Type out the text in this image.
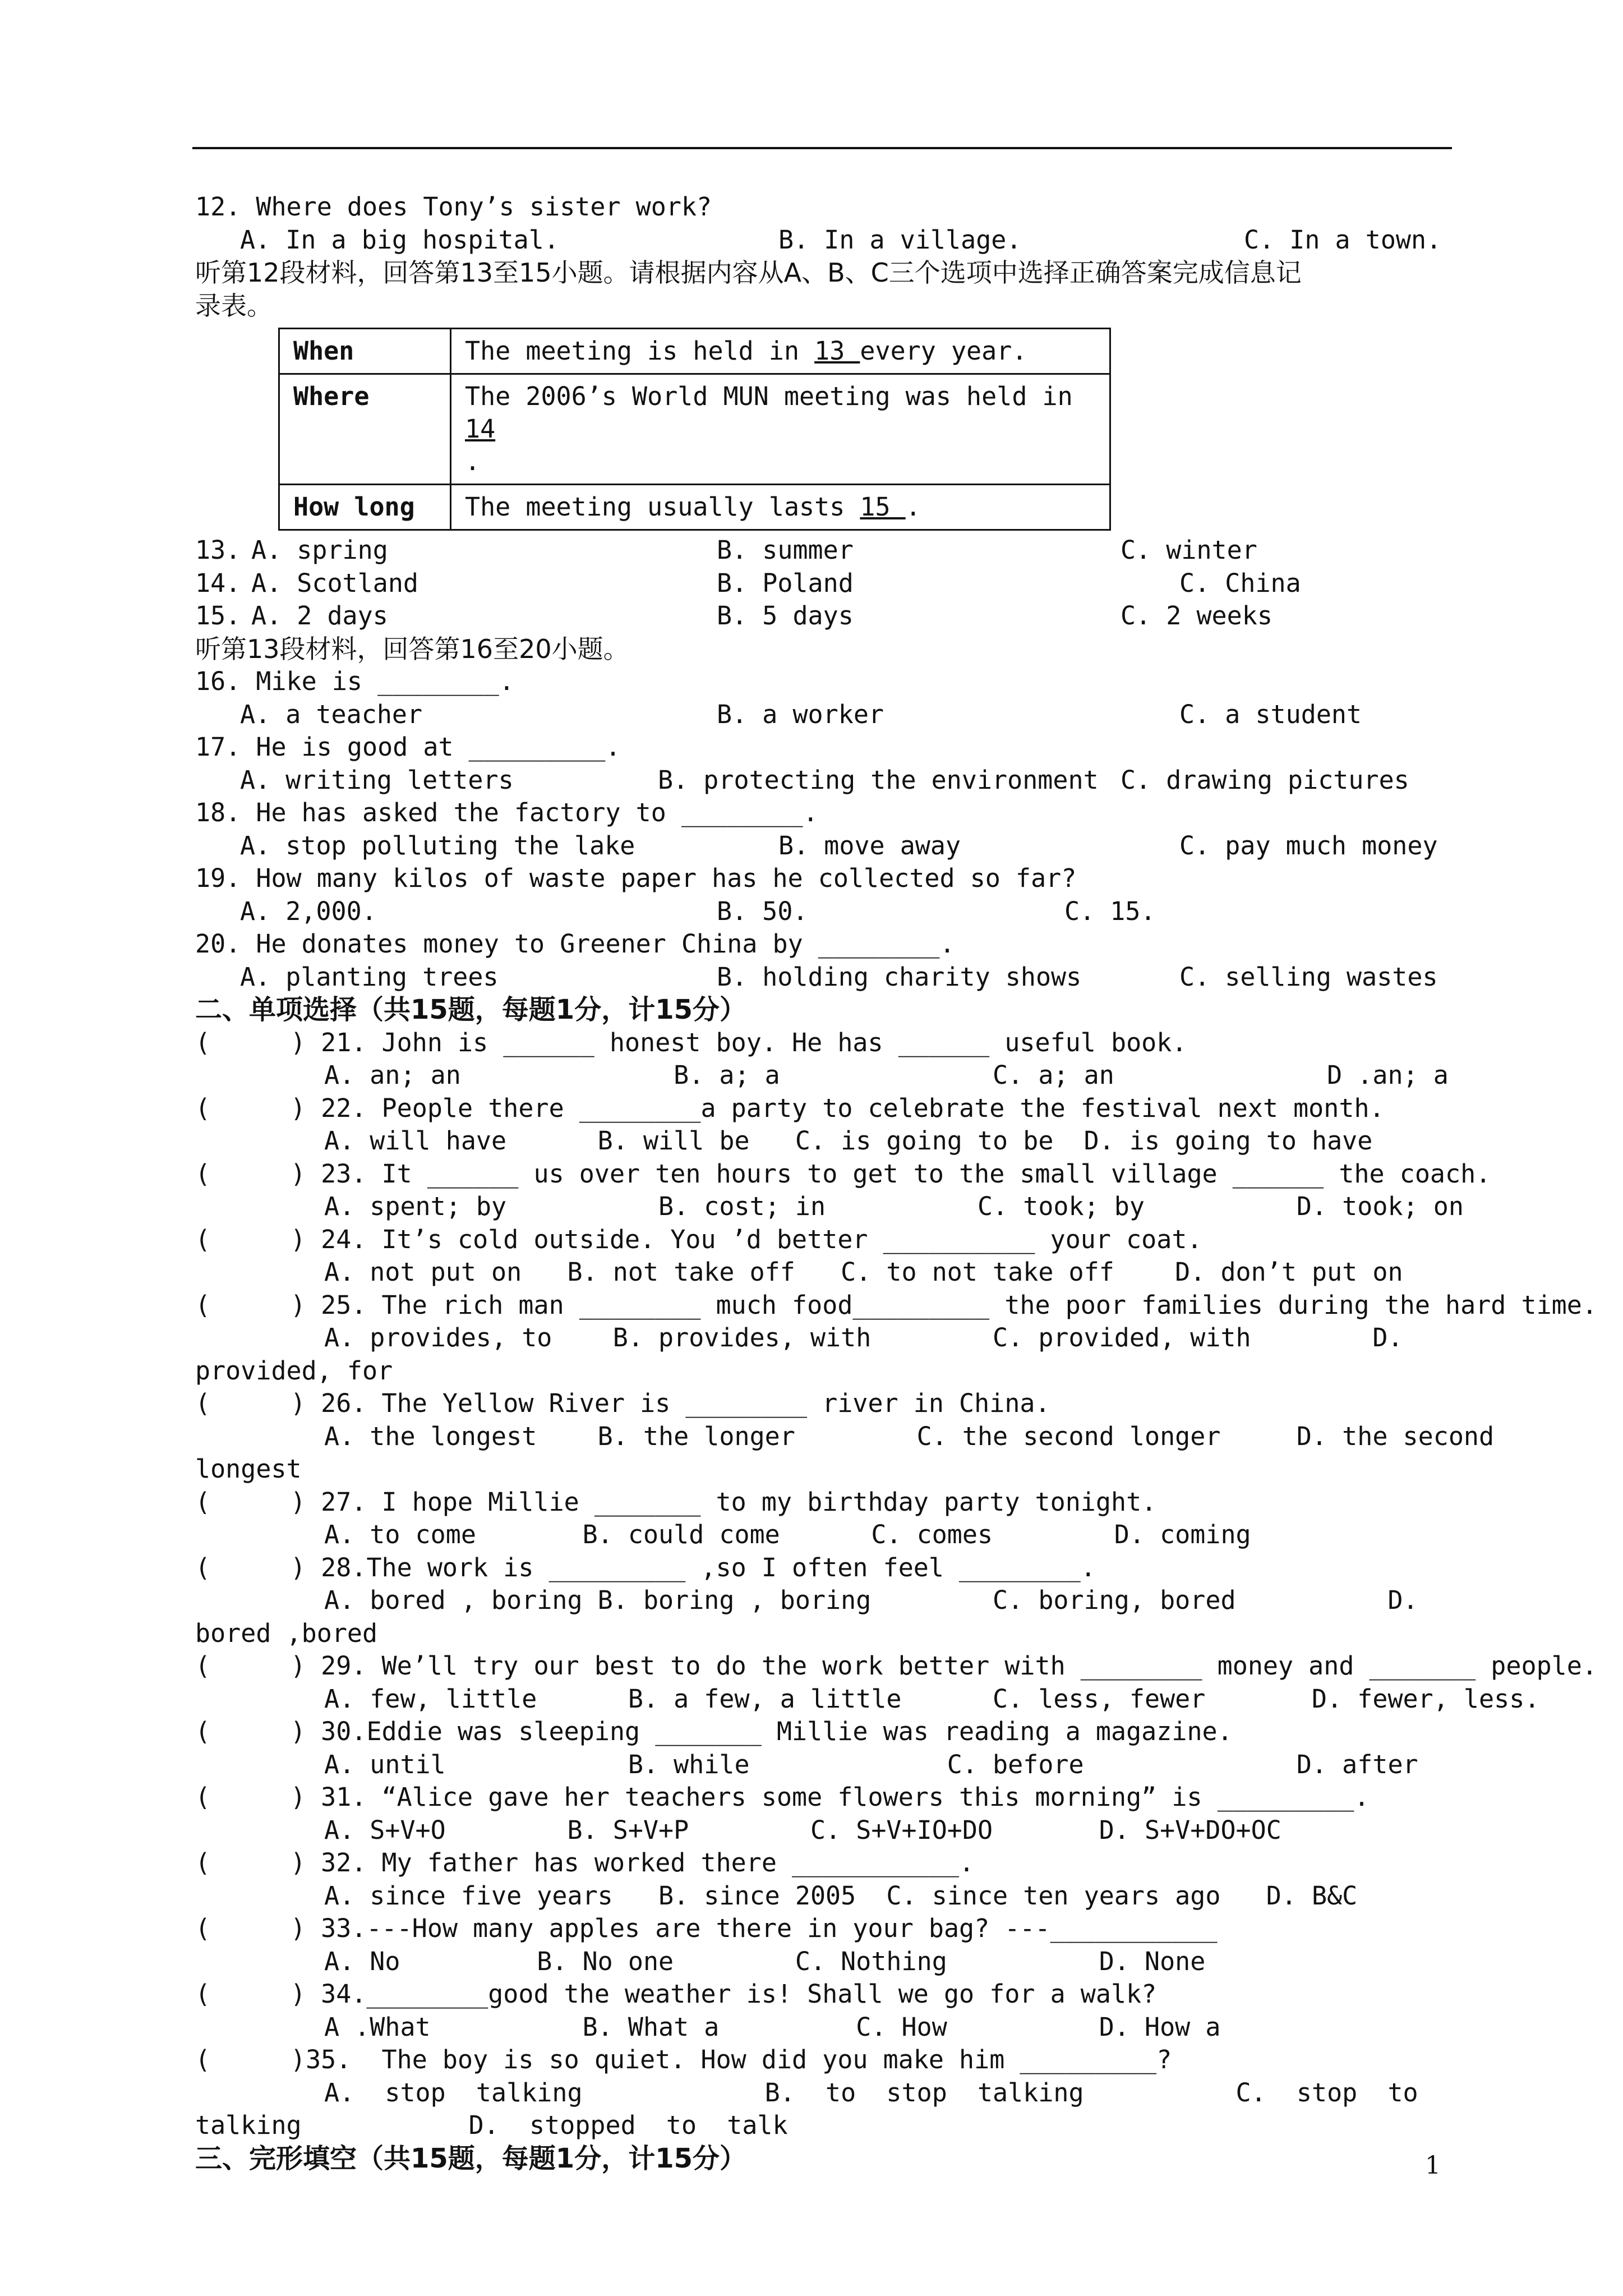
12. Where does Tony’s sister work?
A. In a big hospital.	B. In a village.	C. In a town.
听第12段材料，回答第13至15小题。请根据内容从A、B、C三个选项中选择正确答案完成信息记
录表。
When	The meeting is held in 13 every year.
Where	The 2006’s World MUN meeting was held in 14
.
How long	The meeting usually lasts 15 .
13. A. spring	B. summer	C. winter
14. A. Scotland	B. Poland	C. China
15. A. 2 days	B. 5 days	C. 2 weeks
听第13段材料，回答第16至20小题。
16. Mike is ________.
A. a teacher	B. a worker	C. a student
17. He is good at _________.
A. writing letters	B. protecting the environment C. drawing pictures
18. He has asked the factory to ________.
A. stop polluting the lake	B. move away	C. pay much money
19. How many kilos of waste paper has he collected so far?
A. 2,000.	B. 50.	C. 15.
20. He donates money to Greener China by ________.
A. planting trees	B. holding charity shows	C. selling wastes
二、单项选择（共15题，每题1分，计15分）
(	) 21. John is ______ honest boy. He has ______ useful book.
A. an; an              B. a; a              C. a; an              D .an; a
(	) 22. People there ________a party to celebrate the festival next month.
A. will have      B. will be   C. is going to be  D. is going to have
(	) 23. It ______ us over ten hours to get to the small village ______ the coach.
A. spent; by          B. cost; in          C. took; by          D. took; on
(	) 24. It’s cold outside. You ’d better __________ your coat.
A. not put on   B. not take off   C. to not take off    D. don’t put on
(	) 25. The rich man ________ much food_________ the poor families during the hard time.
A. provides, to    B. provides, with        C. provided, with        D.
provided, for
(	) 26. The Yellow River is ________ river in China.
A. the longest    B. the longer        C. the second longer     D. the second
longest
(	) 27. I hope Millie _______ to my birthday party tonight.
A. to come       B. could come      C. comes        D. coming
(	) 28.The work is _________ ,so I often feel ________.
A. bored , boring B. boring , boring        C. boring, bored          D.
bored ,bored
(	) 29. We’ll try our best to do the work better with ________ money and _______ people.
A. few, little      B. a few, a little      C. less, fewer       D. fewer, less.
(	) 30.Eddie was sleeping _______ Millie was reading a magazine.
A. until            B. while             C. before              D. after
(	) 31. “Alice gave her teachers some flowers this morning” is _________.
A. S+V+O        B. S+V+P        C. S+V+IO+DO       D. S+V+DO+OC
(	) 32. My father has worked there ___________.
A. since five years   B. since 2005  C. since ten years ago   D. B&C
(	) 33.---How many apples are there in your bag? ---___________
A. No         B. No one        C. Nothing          D. None
(	) 34.________good the weather is! Shall we go for a walk?
A .What          B. What a         C. How          D. How a
(	)35.  The boy is so quiet. How did you make him _________?
A.  stop  talking            B.  to  stop  talking          C.  stop  to
talking           D.  stopped  to  talk
三、完形填空（共15题，每题1分，计15分）	1
